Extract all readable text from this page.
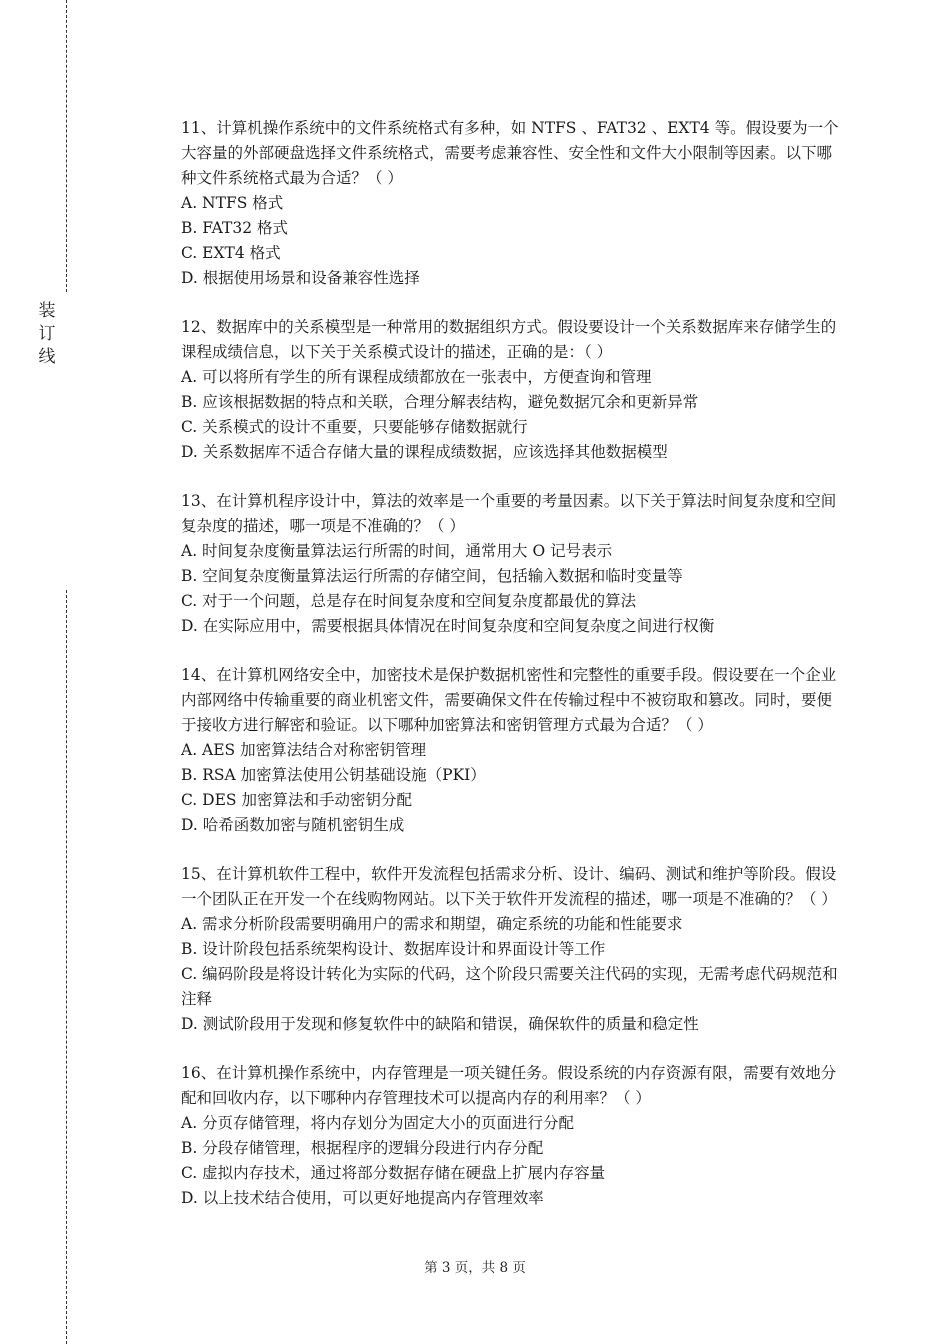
装
订
线

11、计算机操作系统中的文件系统格式有多种，如 NTFS 、FAT32 、EXT4 等。假设要为一个大容量的外部硬盘选择文件系统格式，需要考虑兼容性、安全性和文件大小限制等因素。以下哪种文件系统格式最为合适？（ ）

A. NTFS 格式

B. FAT32 格式

C. EXT4 格式

D. 根据使用场景和设备兼容性选择

12、数据库中的关系模型是一种常用的数据组织方式。假设要设计一个关系数据库来存储学生的课程成绩信息，以下关于关系模式设计的描述，正确的是：（ ）

A. 可以将所有学生的所有课程成绩都放在一张表中，方便查询和管理

B. 应该根据数据的特点和关联，合理分解表结构，避免数据冗余和更新异常

C. 关系模式的设计不重要，只要能够存储数据就行

D. 关系数据库不适合存储大量的课程成绩数据，应该选择其他数据模型

13、在计算机程序设计中，算法的效率是一个重要的考量因素。以下关于算法时间复杂度和空间复杂度的描述，哪一项是不准确的？（ ）

A. 时间复杂度衡量算法运行所需的时间，通常用大 O 记号表示

B. 空间复杂度衡量算法运行所需的存储空间，包括输入数据和临时变量等

C. 对于一个问题，总是存在时间复杂度和空间复杂度都最优的算法

D. 在实际应用中，需要根据具体情况在时间复杂度和空间复杂度之间进行权衡

14、在计算机网络安全中，加密技术是保护数据机密性和完整性的重要手段。假设要在一个企业内部网络中传输重要的商业机密文件，需要确保文件在传输过程中不被窃取和篡改。同时，要便于接收方进行解密和验证。以下哪种加密算法和密钥管理方式最为合适？（ ）

A. AES 加密算法结合对称密钥管理

B. RSA 加密算法使用公钥基础设施（PKI）

C. DES 加密算法和手动密钥分配

D. 哈希函数加密与随机密钥生成

15、在计算机软件工程中，软件开发流程包括需求分析、设计、编码、测试和维护等阶段。假设一个团队正在开发一个在线购物网站。以下关于软件开发流程的描述，哪一项是不准确的？（ ）

A. 需求分析阶段需要明确用户的需求和期望，确定系统的功能和性能要求

B. 设计阶段包括系统架构设计、数据库设计和界面设计等工作

C. 编码阶段是将设计转化为实际的代码，这个阶段只需要关注代码的实现，无需考虑代码规范和注释

D. 测试阶段用于发现和修复软件中的缺陷和错误，确保软件的质量和稳定性

16、在计算机操作系统中，内存管理是一项关键任务。假设系统的内存资源有限，需要有效地分配和回收内存，以下哪种内存管理技术可以提高内存的利用率？（ ）

A. 分页存储管理，将内存划分为固定大小的页面进行分配

B. 分段存储管理，根据程序的逻辑分段进行内存分配

C. 虚拟内存技术，通过将部分数据存储在硬盘上扩展内存容量

D. 以上技术结合使用，可以更好地提高内存管理效率

第 3 页，共 8 页
